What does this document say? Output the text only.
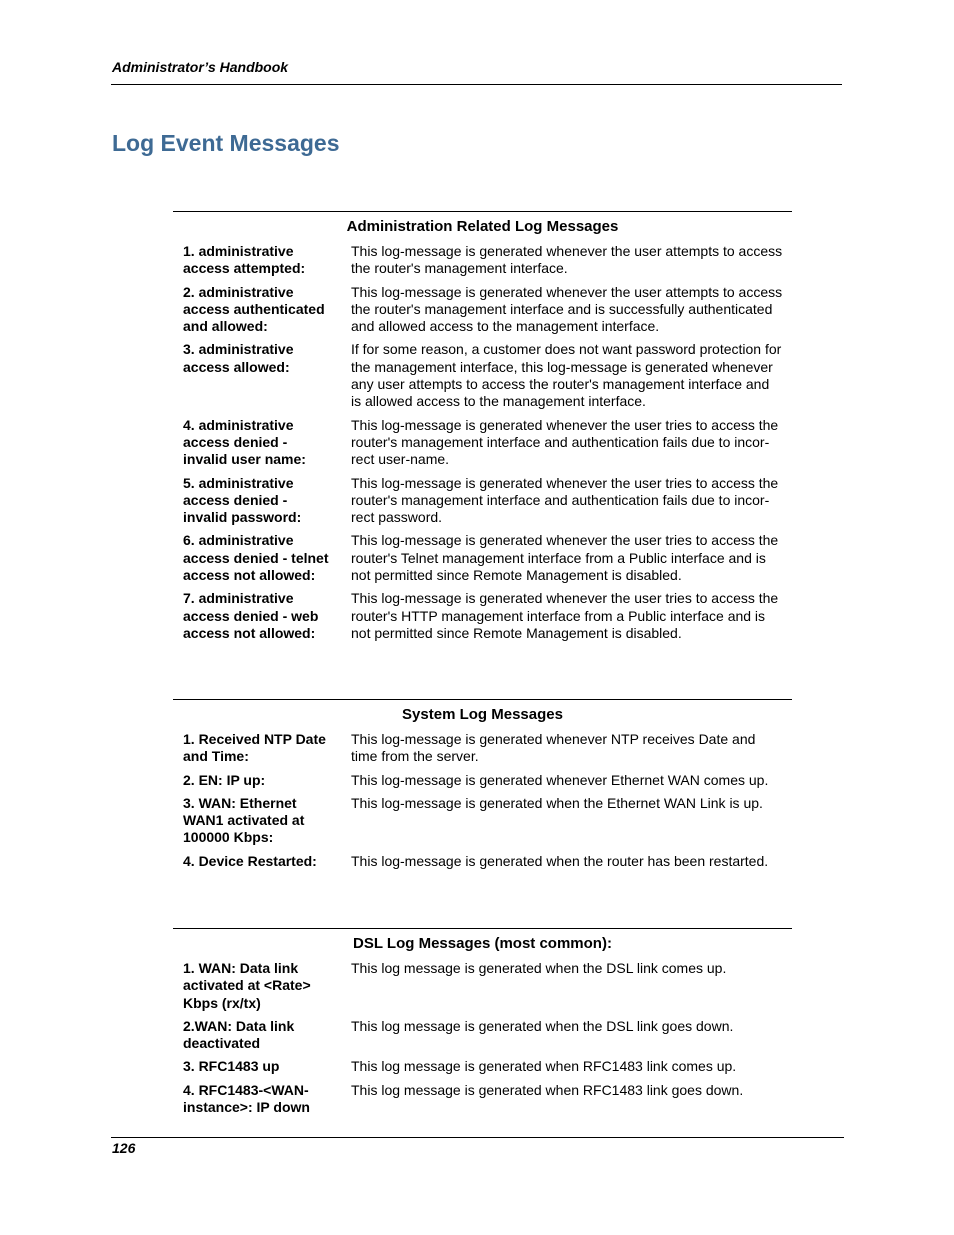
Administrator’s Handbook
Log Event Messages
Administration Related Log Messages
1. administrative access attempted:
This log-message is generated whenever the user attempts to access the router's management interface.
2. administrative access authenticated and allowed:
This log-message is generated whenever the user attempts to access the router's management interface and is successfully authenticated and allowed access to the management interface.
3. administrative access allowed:
If for some reason, a customer does not want password protection for the management interface, this log-message is generated whenever any user attempts to access the router's management interface and is allowed access to the management interface.
4. administrative access denied - invalid user name:
This log-message is generated whenever the user tries to access the router's management interface and authentication fails due to incor-rect user-name.
5. administrative access denied - invalid password:
This log-message is generated whenever the user tries to access the router's management interface and authentication fails due to incor-rect password.
6. administrative access denied - telnet access not allowed:
This log-message is generated whenever the user tries to access the router's Telnet management interface from a Public interface and is not permitted since Remote Management is disabled.
7. administrative access denied - web access not allowed:
This log-message is generated whenever the user tries to access the router's HTTP management interface from a Public interface and is not permitted since Remote Management is disabled.
System Log Messages
1. Received NTP Date and Time:
This log-message is generated whenever NTP receives Date and time from the server.
2. EN: IP up:	This log-message is generated whenever Ethernet WAN comes up.
3. WAN: Ethernet WAN1 activated at 100000 Kbps:
This log-message is generated when the Ethernet WAN Link is up.
4. Device Restarted:	This log-message is generated when the router has been restarted.
DSL Log Messages (most common):
1. WAN: Data link activated at <Rate> Kbps (rx/tx)
This log message is generated when the DSL link comes up.
2.WAN: Data link deactivated
This log message is generated when the DSL link goes down.
3. RFC1483 up	This log message is generated when RFC1483 link comes up.
4. RFC1483-<WAN-instance>: IP down
This log message is generated when RFC1483 link goes down.
126
